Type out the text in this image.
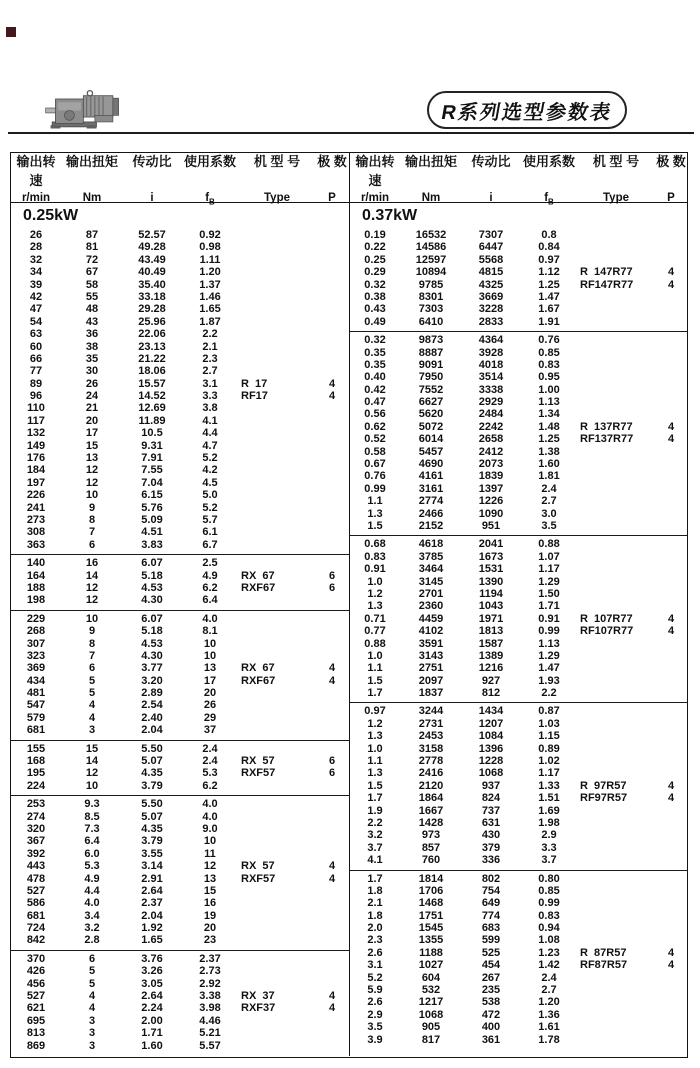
R系列选型参数表
输出转速
输出扭矩	传动比 使用系数	机 型 号	极 数
r/min	Nm	i	$f_B$	Type	P
输出转速
输出扭矩	传动比 使用系数	机 型 号	极 数
r/min	Nm	i	$f_B$	Type	P
0.25kW
26	87	52.57	0.92
28	81	49.28	0.98
32	72	43.49	1.11
34	67	40.49	1.20
39	58	35.40	1.37
42	55	33.18	1.46
47	48	29.28	1.65
54	43	25.96	1.87
63	36	22.06	2.2
60	38	23.13	2.1
66	35	21.22	2.3
77	30	18.06	2.7
89	26	15.57	3.1	R  17	4
96	24	14.52	3.3	RF17	4
110	21	12.69	3.8
117	20	11.89	4.1
132	17	10.5	4.4
149	15	9.31	4.7
176	13	7.91	5.2
184	12	7.55	4.2
197	12	7.04	4.5
226	10	6.15	5.0
241	9	5.76	5.2
273	8	5.09	5.7
308	7	4.51	6.1
363	6	3.83	6.7
140	16	6.07	2.5
164	14	5.18	4.9	RX  67	6
188	12	4.53	6.2	RXF67	6
198	12	4.30	6.4
229	10	6.07	4.0
268	9	5.18	8.1
307	8	4.53	10
323	7	4.30	10
369	6	3.77	13	RX  67	4
434	5	3.20	17	RXF67	4
481	5	2.89	20
547	4	2.54	26
579	4	2.40	29
681	3	2.04	37
155	15	5.50	2.4
168	14	5.07	2.4	RX  57	6
195	12	4.35	5.3	RXF57	6
224	10	3.79	6.2
253	9.3	5.50	4.0
274	8.5	5.07	4.0
320	7.3	4.35	9.0
367	6.4	3.79	10
392	6.0	3.55	11
443	5.3	3.14	12	RX  57	4
478	4.9	2.91	13	RXF57	4
527	4.4	2.64	15
586	4.0	2.37	16
681	3.4	2.04	19
724	3.2	1.92	20
842	2.8	1.65	23
370	6	3.76	2.37
426	5	3.26	2.73
456	5	3.05	2.92
527	4	2.64	3.38	RX  37	4
621	4	2.24	3.98	RXF37	4
695	3	2.00	4.46
813	3	1.71	5.21
869	3	1.60	5.57
0.37kW
0.19	16532	7307	0.8
0.22	14586	6447	0.84
0.25	12597	5568	0.97
0.29	10894	4815	1.12	R  147R77	4
0.32	9785	4325	1.25	RF147R77	4
0.38	8301	3669	1.47
0.43	7303	3228	1.67
0.49	6410	2833	1.91
0.32	9873	4364	0.76
0.35	8887	3928	0.85
0.35	9091	4018	0.83
0.40	7950	3514	0.95
0.42	7552	3338	1.00
0.47	6627	2929	1.13
0.56	5620	2484	1.34
0.62	5072	2242	1.48	R  137R77	4
0.52	6014	2658	1.25	RF137R77	4
0.58	5457	2412	1.38
0.67	4690	2073	1.60
0.76	4161	1839	1.81
0.99	3161	1397	2.4
1.1	2774	1226	2.7
1.3	2466	1090	3.0
1.5	2152	951	3.5
0.68	4618	2041	0.88
0.83	3785	1673	1.07
0.91	3464	1531	1.17
1.0	3145	1390	1.29
1.2	2701	1194	1.50
1.3	2360	1043	1.71
0.71	4459	1971	0.91	R  107R77	4
0.77	4102	1813	0.99	RF107R77	4
0.88	3591	1587	1.13
1.0	3143	1389	1.29
1.1	2751	1216	1.47
1.5	2097	927	1.93
1.7	1837	812	2.2
0.97	3244	1434	0.87
1.2	2731	1207	1.03
1.3	2453	1084	1.15
1.0	3158	1396	0.89
1.1	2778	1228	1.02
1.3	2416	1068	1.17
1.5	2120	937	1.33	R  97R57	4
1.7	1864	824	1.51	RF97R57	4
1.9	1667	737	1.69
2.2	1428	631	1.98
3.2	973	430	2.9
3.7	857	379	3.3
4.1	760	336	3.7
1.7	1814	802	0.80
1.8	1706	754	0.85
2.1	1468	649	0.99
1.8	1751	774	0.83
2.0	1545	683	0.94
2.3	1355	599	1.08
2.6	1188	525	1.23	R  87R57	4
3.1	1027	454	1.42	RF87R57	4
5.2	604	267	2.4
5.9	532	235	2.7
2.6	1217	538	1.20
2.9	1068	472	1.36
3.5	905	400	1.61
3.9	817	361	1.78
